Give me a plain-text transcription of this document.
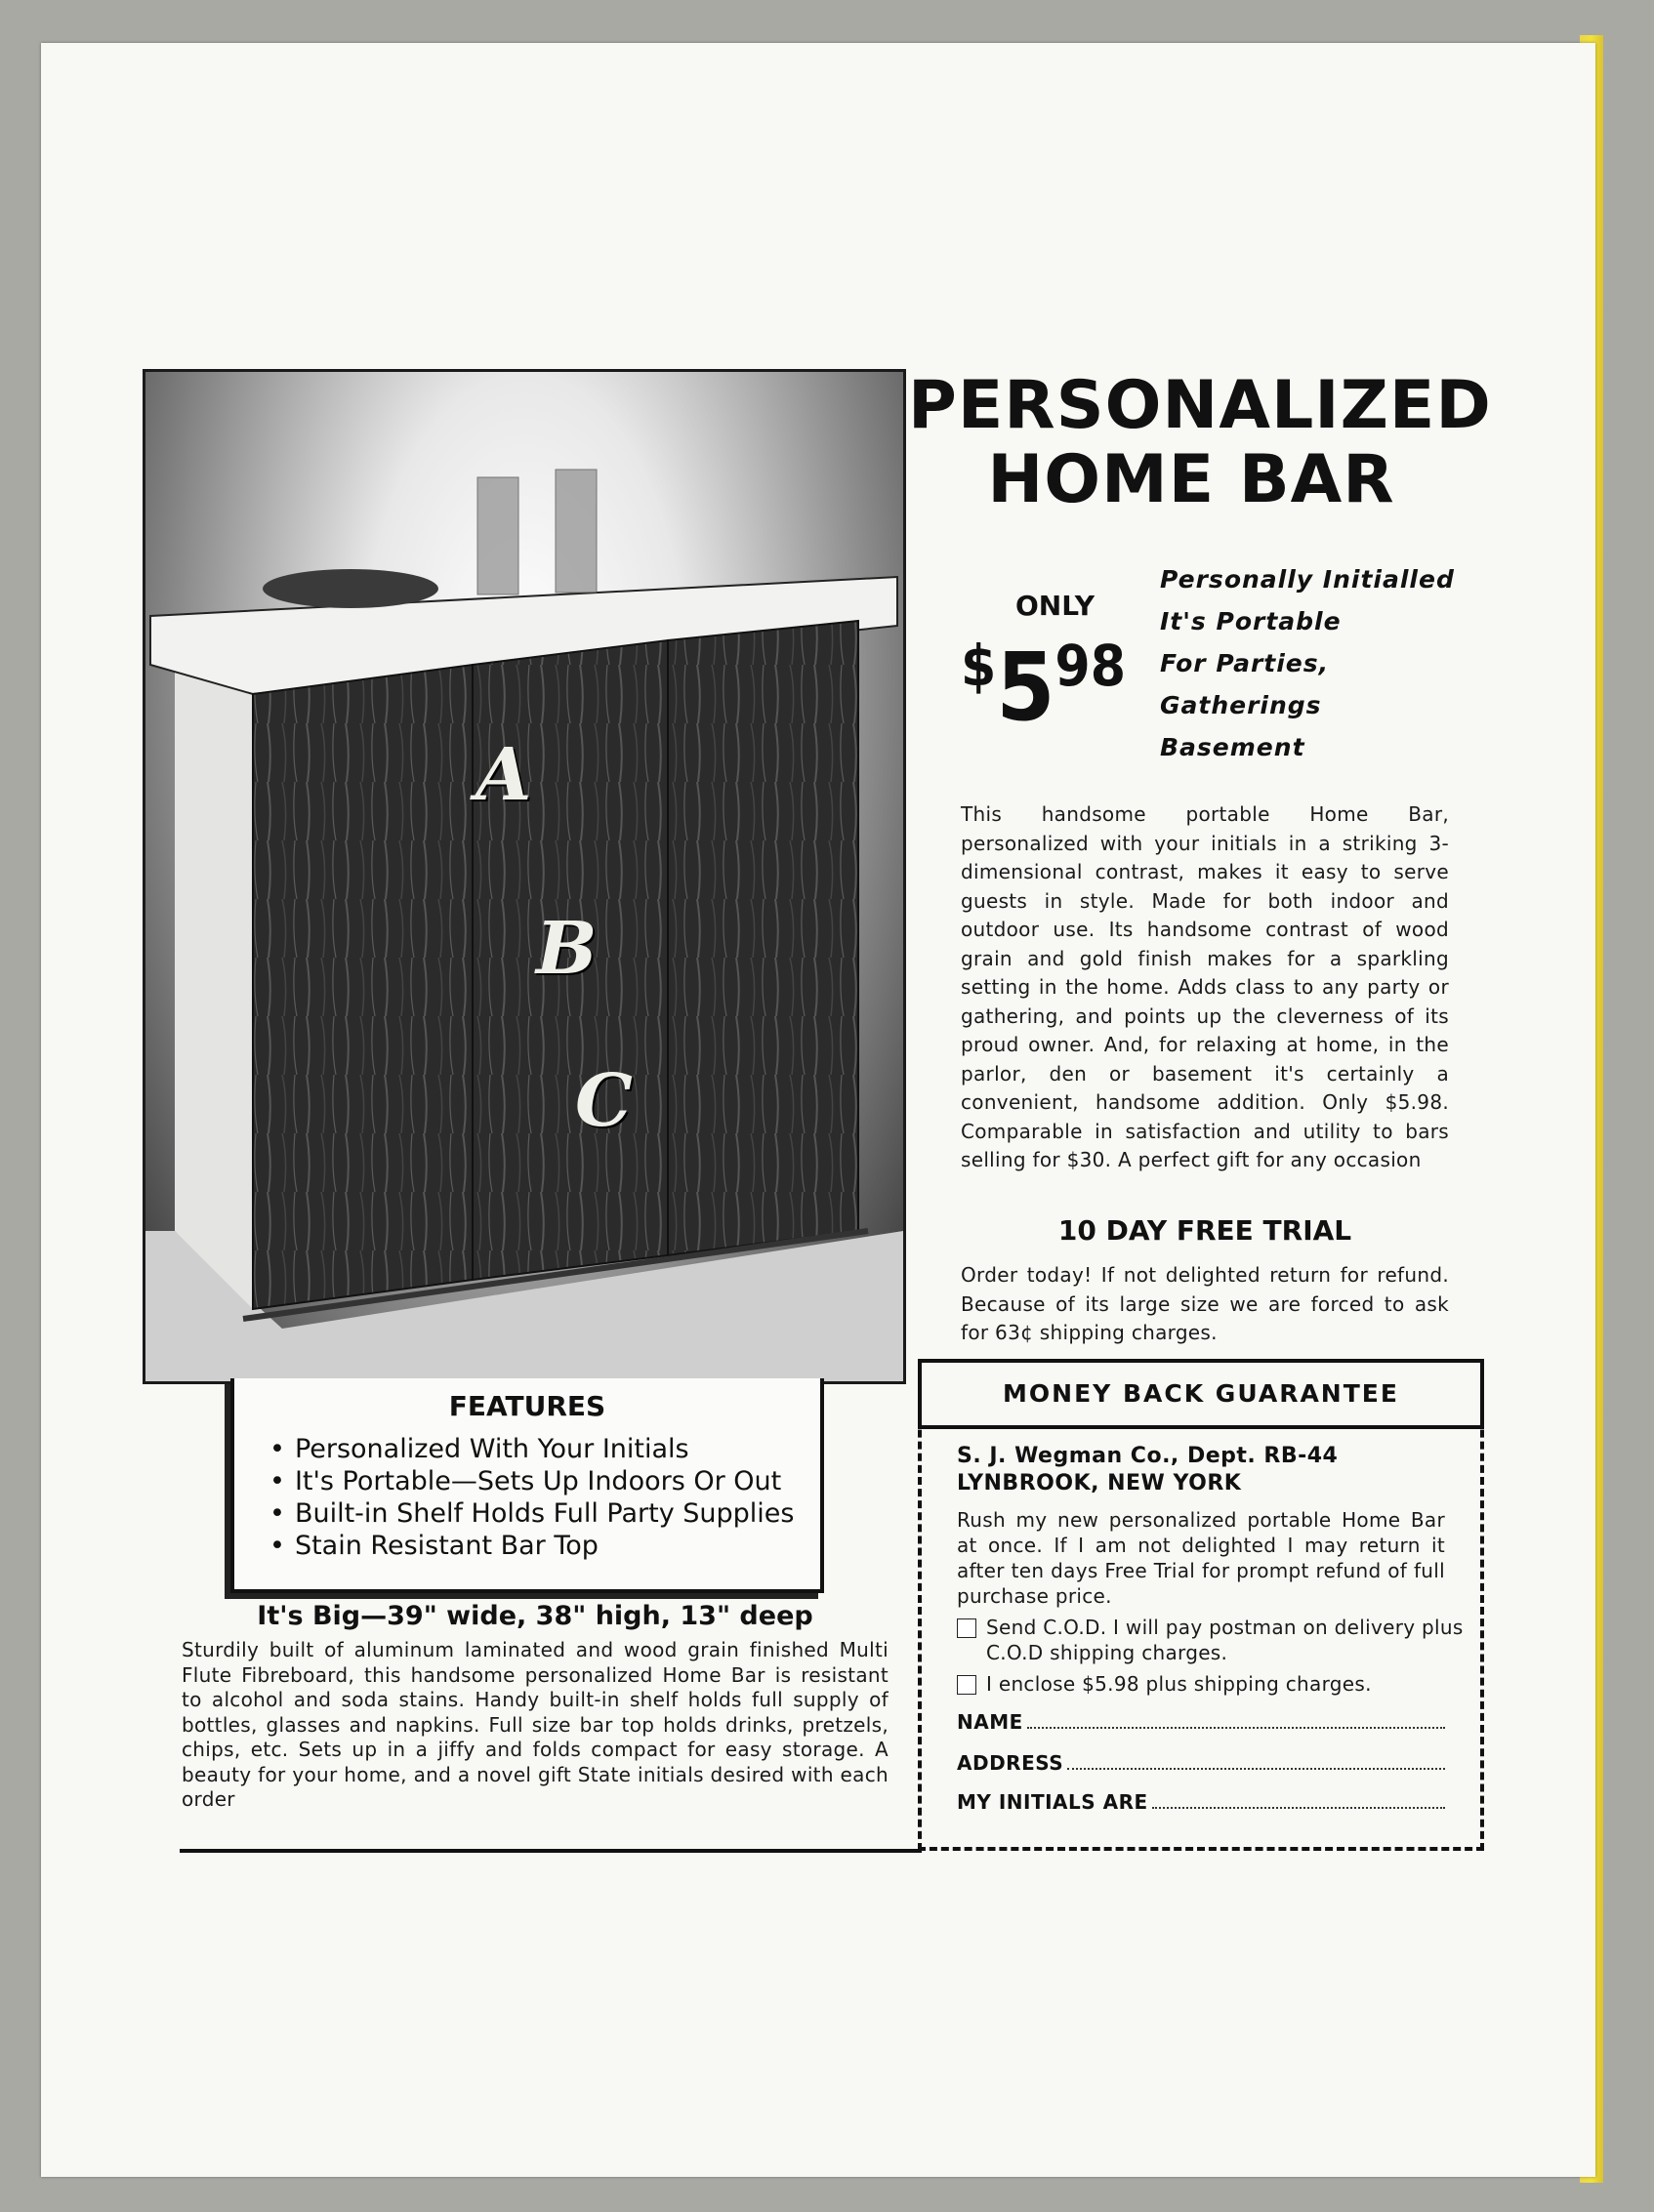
A
B
C
PERSONALIZED
HOME BAR
ONLY
$598
Personally Initialled
It's Portable
For Parties,
Gatherings
Basement
This handsome portable Home Bar, personalized with your initials in a striking 3-dimensional contrast, makes it easy to serve guests in style. Made for both indoor and outdoor use. Its handsome contrast of wood grain and gold finish makes for a sparkling setting in the home. Adds class to any party or gathering, and points up the cleverness of its proud owner. And, for relaxing at home, in the parlor, den or basement it's certainly a convenient, handsome addition. Only $5.98. Comparable in satisfaction and utility to bars selling for $30. A perfect gift for any occasion
10 DAY FREE TRIAL
Order today! If not delighted return for refund. Because of its large size we are forced to ask for 63¢ shipping charges.
FEATURES
• Personalized With Your Initials
• It's Portable—Sets Up Indoors Or Out
• Built-in Shelf Holds Full Party Supplies
• Stain Resistant Bar Top
It's Big—39" wide, 38" high, 13" deep
Sturdily built of aluminum laminated and wood grain finished Multi Flute Fibreboard, this handsome personalized Home Bar is resistant to alcohol and soda stains. Handy built-in shelf holds full supply of bottles, glasses and napkins. Full size bar top holds drinks, pretzels, chips, etc. Sets up in a jiffy and folds compact for easy storage. A beauty for your home, and a novel gift State initials desired with each order
MONEY BACK GUARANTEE
S. J. Wegman Co., Dept. RB-44
LYNBROOK, NEW YORK
Rush my new personalized portable Home Bar at once. If I am not delighted I may return it after ten days Free Trial for prompt refund of full purchase price.
Send C.O.D. I will pay postman on delivery plus C.O.D shipping charges.
I enclose $5.98 plus shipping charges.
NAME
ADDRESS
MY INITIALS ARE
